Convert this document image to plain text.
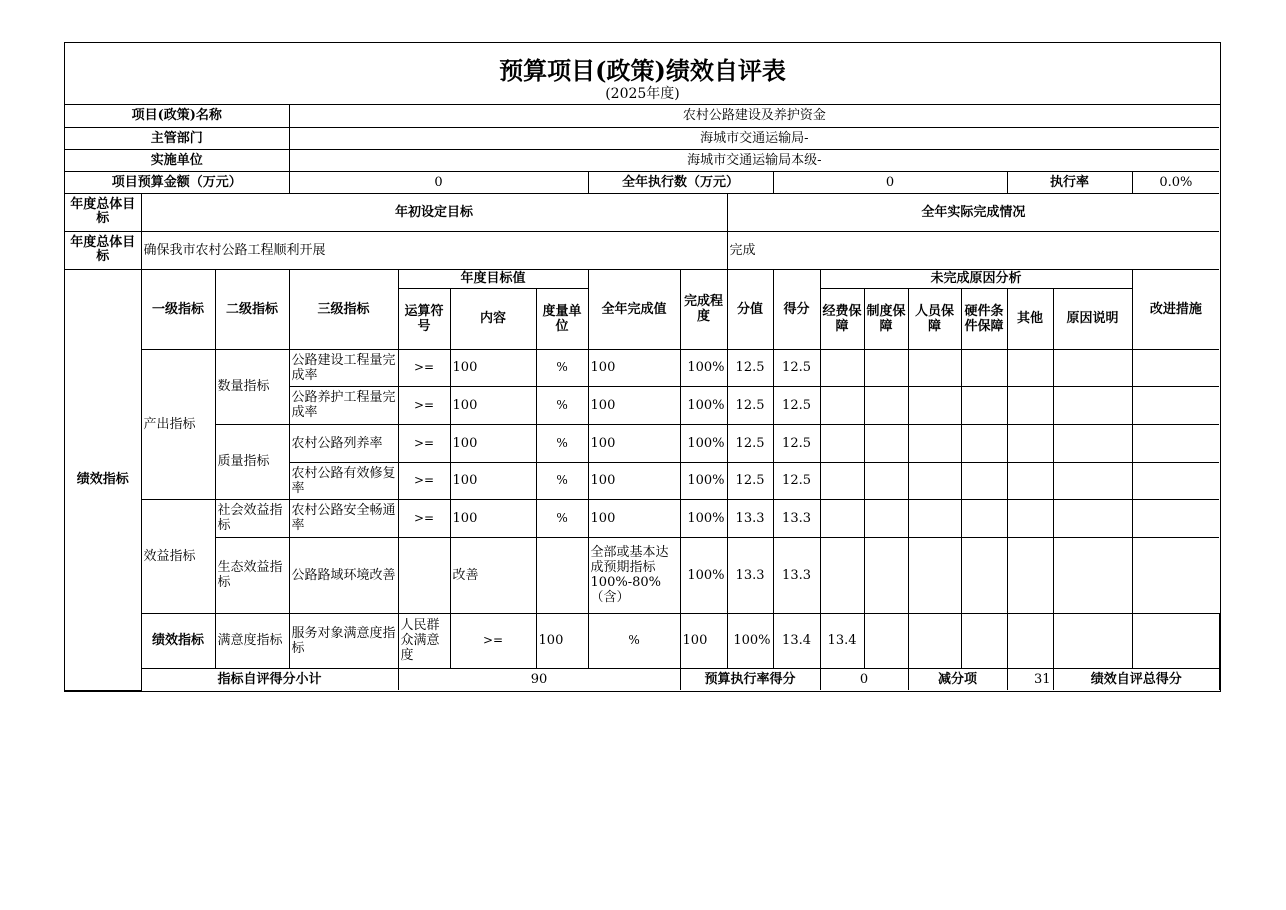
预算项目(政策)绩效自评表
(2025年度)
项目(政策)名称			农村公路建设及养护资金															
主管部门			海城市交通运输局-															
实施单位			海城市交通运输局本级-															
项目预算金额（万元）			0				全年执行数（万元）			0					执行率		0.0%	
年度总体目标	年初设定目标								全年实际完成情况									
年度总体目标	确保我市农村公路工程顺利开展								完成									
绩效指标	一级指标	二级指标	三级指标	年度目标值			全年完成值	完成程度	分值	得分	未完成原因分析						改进措施	
				运算符号	内容	度量单位					经费保障	制度保障	人员保障	硬件条件保障	其他	原因说明		
	产出指标	数量指标	公路建设工程量完成率	>=	100	%	100	100%	12.5	12.5								
			公路养护工程量完成率	>=	100	%	100	100%	12.5	12.5								
		质量指标	农村公路列养率	>=	100	%	100	100%	12.5	12.5								
			农村公路有效修复率	>=	100	%	100	100%	12.5	12.5								
	效益指标	社会效益指标	农村公路安全畅通率	>=	100	%	100	100%	13.3	13.3								
		生态效益指标	公路路域环境改善		改善		全部或基本达成预期指标100%-80%（含）	100%	13.3	13.3								
	绩效指标	满意度指标	服务对象满意度指标	人民群众满意度	>=	100	%	100	100%	13.4	13.4							
	指标自评得分小计			90				预算执行率得分			0		减分项		31	绩效自评总得分	
